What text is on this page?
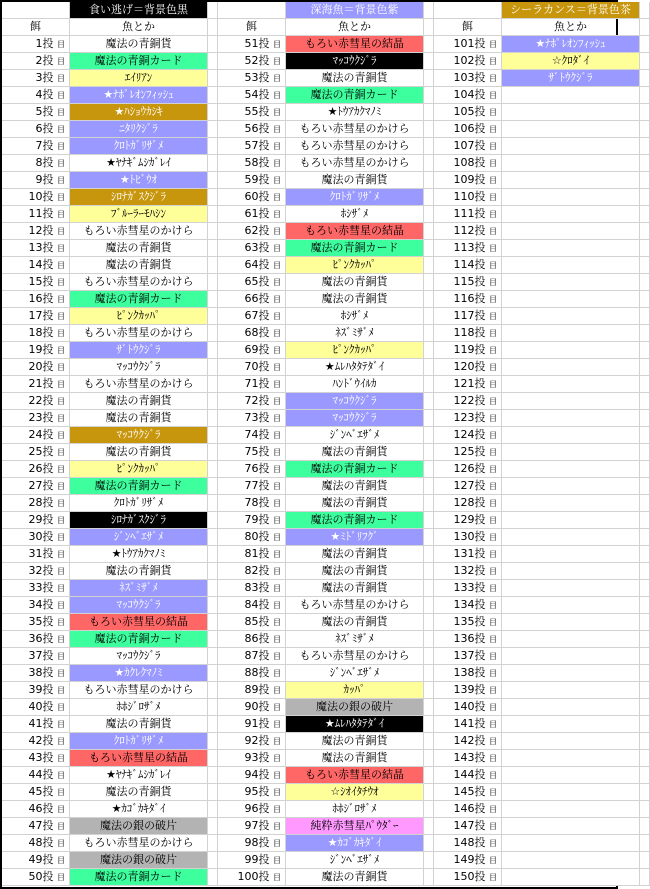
食い逃げ＝背景色黒	深海魚＝背景色紫	シーラカンス＝背景色茶
餌	魚とか	餌	魚とか	餌	魚とか
1投 目	魔法の青銅貨	51投 目	もろい赤彗星の結晶	101投 目	★ﾅﾎﾟﾚｵﾝﾌｨｯｼｭ
2投 目	魔法の青銅カード	52投 目	ﾏｯｺｳｸｼﾞﾗ	102投 目	☆ｸﾛﾀﾞｲ
3投 目	ｴｲﾘｱﾝ	53投 目	魔法の青銅貨	103投 目	ｻﾞﾄｳｸｼﾞﾗ
4投 目	★ﾅﾎﾟﾚｵﾝﾌｨｯｼｭ	54投 目	魔法の青銅カード	104投 目
5投 目	★ﾊｼｮｳｶｼｷ	55投 目	★ﾄｳｱｶｸﾏﾉﾐ	105投 目
6投 目	ﾆﾀﾘｸｼﾞﾗ	56投 目	もろい赤彗星のかけら	106投 目
7投 目	ｸﾛﾄｶﾞﾘｻﾞﾒ	57投 目	もろい赤彗星のかけら	107投 目
8投 目	★ﾔﾅｷﾞﾑｼｶﾞﾚｲ	58投 目	もろい赤彗星のかけら	108投 目
9投 目	★ﾄﾋﾞｳｵ	59投 目	魔法の青銅貨	109投 目
10投 目	ｼﾛﾅｶﾞｽｸｼﾞﾗ	60投 目	ｸﾛﾄｶﾞﾘｻﾞﾒ	110投 目
11投 目	ﾌﾞﾙｰﾗｰﾓﾊｼﾝ	61投 目	ﾎｼｻﾞﾒ	111投 目
12投 目	もろい赤彗星のかけら	62投 目	もろい赤彗星の結晶	112投 目
13投 目	魔法の青銅貨	63投 目	魔法の青銅カード	113投 目
14投 目	魔法の青銅貨	64投 目	ﾋﾟﾝｸｶｯﾊﾟ	114投 目
15投 目	もろい赤彗星のかけら	65投 目	魔法の青銅貨	115投 目
16投 目	魔法の青銅カード	66投 目	魔法の青銅貨	116投 目
17投 目	ﾋﾟﾝｸｶｯﾊﾟ	67投 目	ﾎｼｻﾞﾒ	117投 目
18投 目	もろい赤彗星のかけら	68投 目	ﾈｽﾞﾐｻﾞﾒ	118投 目
19投 目	ｻﾞﾄｳｸｼﾞﾗ	69投 目	ﾋﾟﾝｸｶｯﾊﾟ	119投 目
20投 目	ﾏｯｺｳｸｼﾞﾗ	70投 目	★ﾑﾚﾊﾀﾀﾃﾀﾞｲ	120投 目
21投 目	もろい赤彗星のかけら	71投 目	ﾊﾝﾄﾞｳｲﾙｶ	121投 目
22投 目	魔法の青銅貨	72投 目	ﾏｯｺｳｸｼﾞﾗ	122投 目
23投 目	魔法の青銅貨	73投 目	ﾏｯｺｳｸｼﾞﾗ	123投 目
24投 目	ﾏｯｺｳｸｼﾞﾗ	74投 目	ｼﾞﾝﾍﾞｴｻﾞﾒ	124投 目
25投 目	魔法の青銅貨	75投 目	魔法の青銅貨	125投 目
26投 目	ﾋﾟﾝｸｶｯﾊﾟ	76投 目	魔法の青銅カード	126投 目
27投 目	魔法の青銅カード	77投 目	魔法の青銅貨	127投 目
28投 目	ｸﾛﾄｶﾞﾘｻﾞﾒ	78投 目	魔法の青銅貨	128投 目
29投 目	ｼﾛﾅｶﾞｽｸｼﾞﾗ	79投 目	魔法の青銅カード	129投 目
30投 目	ｼﾞﾝﾍﾞｴｻﾞﾒ	80投 目	★ﾐﾄﾞﾘﾌｸﾞ	130投 目
31投 目	★ﾄｳｱｶｸﾏﾉﾐ	81投 目	魔法の青銅貨	131投 目
32投 目	魔法の青銅貨	82投 目	魔法の青銅貨	132投 目
33投 目	ﾈｽﾞﾐｻﾞﾒ	83投 目	魔法の青銅貨	133投 目
34投 目	ﾏｯｺｳｸｼﾞﾗ	84投 目	もろい赤彗星のかけら	134投 目
35投 目	もろい赤彗星の結晶	85投 目	魔法の青銅貨	135投 目
36投 目	魔法の青銅カード	86投 目	ﾈｽﾞﾐｻﾞﾒ	136投 目
37投 目	ﾏｯｺｳｸｼﾞﾗ	87投 目	もろい赤彗星のかけら	137投 目
38投 目	★ｶｸﾚｸﾏﾉﾐ	88投 目	ｼﾞﾝﾍﾞｴｻﾞﾒ	138投 目
39投 目	もろい赤彗星のかけら	89投 目	ｶｯﾊﾟ	139投 目
40投 目	ﾎﾎｼﾞﾛｻﾞﾒ	90投 目	魔法の銀の破片	140投 目
41投 目	魔法の青銅貨	91投 目	★ﾑﾚﾊﾀﾀﾃﾀﾞｲ	141投 目
42投 目	ｸﾛﾄｶﾞﾘｻﾞﾒ	92投 目	魔法の青銅貨	142投 目
43投 目	もろい赤彗星の結晶	93投 目	魔法の青銅貨	143投 目
44投 目	★ﾔﾅｷﾞﾑｼｶﾞﾚｲ	94投 目	もろい赤彗星の結晶	144投 目
45投 目	魔法の青銅貨	95投 目	☆ｼｵｲﾀﾁｳｵ	145投 目
46投 目	★ｶｺﾞｶｷﾀﾞｲ	96投 目	ﾎﾎｼﾞﾛｻﾞﾒ	146投 目
47投 目	魔法の銀の破片	97投 目	純粋赤彗星ﾊﾟｳﾀﾞｰ	147投 目
48投 目	もろい赤彗星のかけら	98投 目	★ｶｺﾞｶｷﾀﾞｲ	148投 目
49投 目	魔法の銀の破片	99投 目	ｼﾞﾝﾍﾞｴｻﾞﾒ	149投 目
50投 目	魔法の青銅カード	100投 目	魔法の青銅貨	150投 目
